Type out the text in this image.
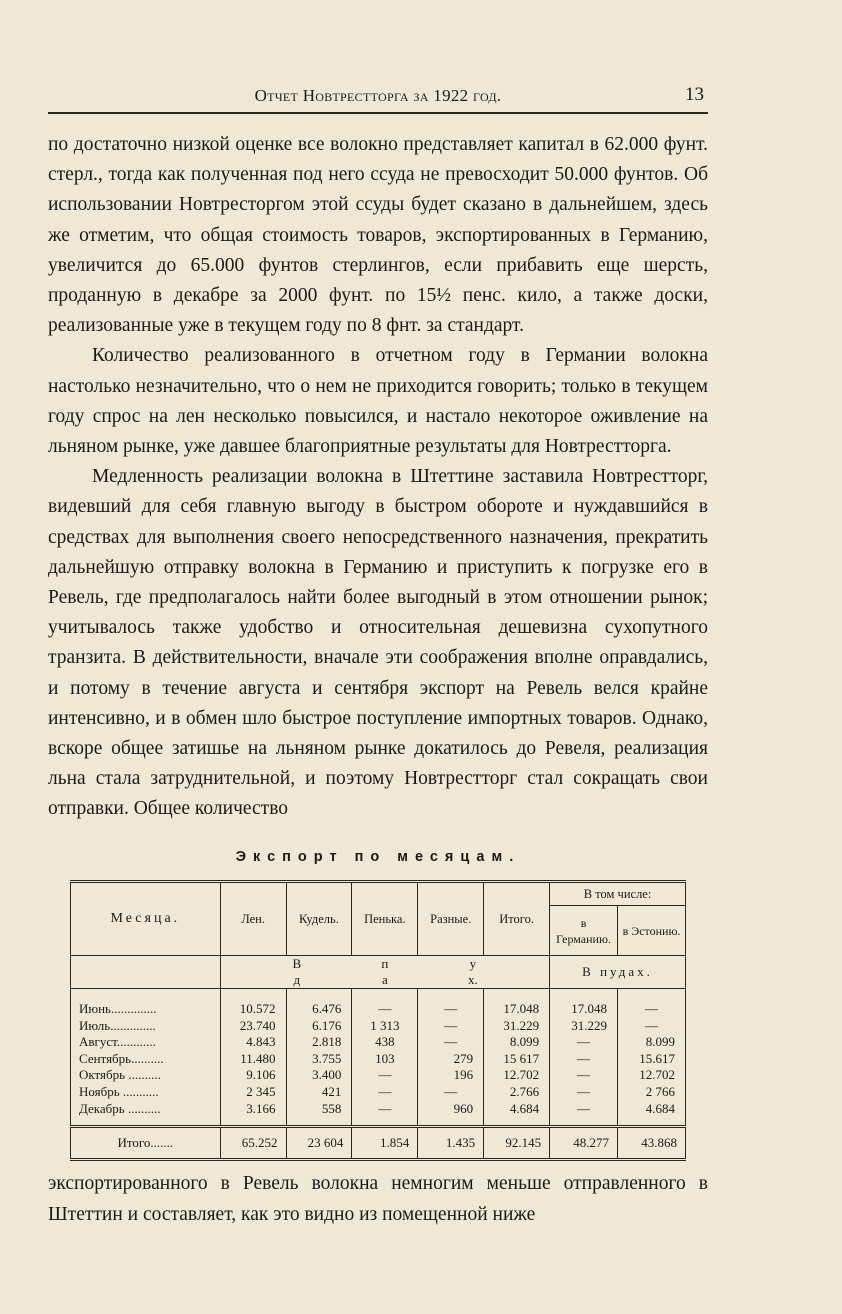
Отчет Новтрестторга за 1922 год.	13

по достаточно низкой оценке все волокно представляет капитал в 62.000 фунт. стерл., тогда как полученная под него ссуда не превосходит 50.000 фунтов. Об использовании Новтресторгом этой ссуды будет сказано в дальнейшем, здесь же отметим, что общая стоимость товаров, экспортированных в Германию, увеличится до 65.000 фунтов стерлингов, если прибавить еще шерсть, проданную в декабре за 2000 фунт. по 15½ пенс. кило, а также доски, реализованные уже в текущем году по 8 фнт. за стандарт.

Количество реализованного в отчетном году в Германии волокна настолько незначительно, что о нем не приходится говорить; только в текущем году спрос на лен несколько повысился, и настало некоторое оживление на льняном рынке, уже давшее благоприятные результаты для Новтрестторга.

Медленность реализации волокна в Штеттине заставила Новтрестторг, видевший для себя главную выгоду в быстром обороте и нуждавшийся в средствах для выполнения своего непосредственного назначения, прекратить дальнейшую отправку волокна в Германию и приступить к погрузке его в Ревель, где предполагалось найти более выгодный в этом отношении рынок; учитывалось также удобство и относительная дешевизна сухопутного транзита. В действительности, вначале эти соображения вполне оправдались, и потому в течение августа и сентября экспорт на Ревель велся крайне интенсивно, и в обмен шло быстрое поступление импортных товаров. Однако, вскоре общее затишье на льняном рынке докатилось до Ревеля, реализация льна стала затруднительной, и поэтому Новтрестторг стал сокращать свои отправки. Общее количество

Экспорт по месяцам.
Месяца.	Лен.	Кудель.	Пенька.	Разные.	Итого.	В том числе:	
						в Германию.	в Эстонию.
	В п уд а х.					В пудах.	

Июнь..............	10.572	6.476	—	—	17.048	17.048	—
Июль..............	23.740	6.176	1 313	—	31.229	31.229	—
Август............	4.843	2.818	438	—	8.099	—	8.099
Сентябрь..........	11.480	3.755	103	279	15 617	—	15.617
Октябрь ..........	9.106	3.400	—	196	12.702	—	12.702
Ноябрь ...........	2 345	421	—	—	2.766	—	2 766
Декабрь ..........	3.166	558	—	960	4.684	—	4.684

Итого.......	65.252	23 604	1.854	1.435	92.145	48.277	43.868

экспортированного в Ревель волокна немногим меньше отправленного в Штеттин и составляет, как это видно из помещенной ниже
